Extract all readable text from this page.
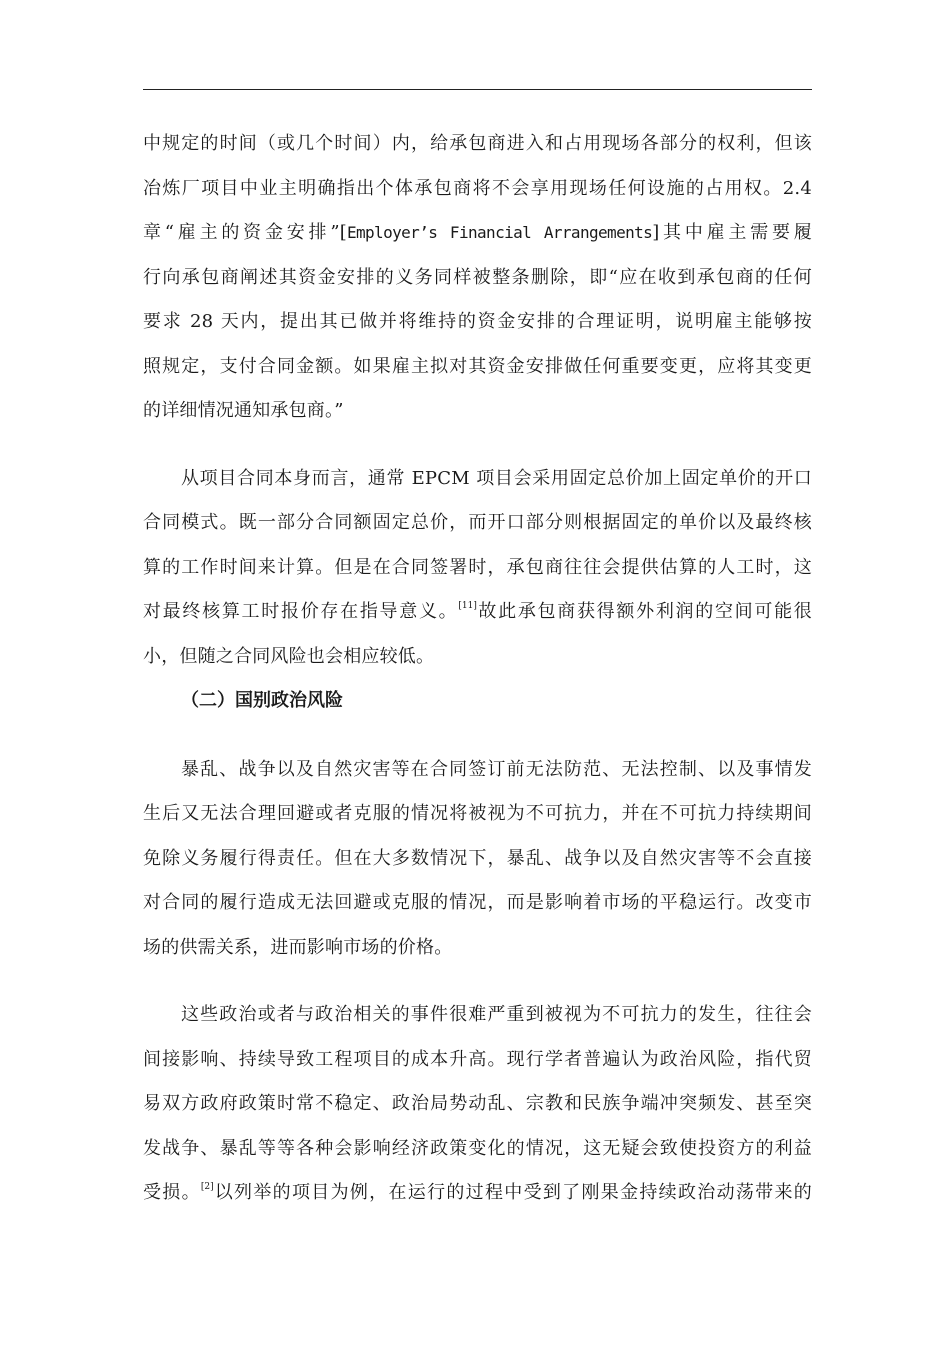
中规定的时间（或几个时间）内，给承包商进入和占用现场各部分的权利，但该
冶炼厂项目中业主明确指出个体承包商将不会享用现场任何设施的占用权。2.4
章“雇主的资金安排”[Employer’s Financial Arrangements]其中雇主需要履
行向承包商阐述其资金安排的义务同样被整条删除，即“应在收到承包商的任何
要求 28 天内，提出其已做并将维持的资金安排的合理证明，说明雇主能够按
照规定，支付合同金额。如果雇主拟对其资金安排做任何重要变更，应将其变更
的详细情况通知承包商。”

从项目合同本身而言，通常 EPCM 项目会采用固定总价加上固定单价的开口
合同模式。既一部分合同额固定总价，而开口部分则根据固定的单价以及最终核
算的工作时间来计算。但是在合同签署时，承包商往往会提供估算的人工时，这
对最终核算工时报价存在指导意义。[11]故此承包商获得额外利润的空间可能很
小，但随之合同风险也会相应较低。

（二）国别政治风险

暴乱、战争以及自然灾害等在合同签订前无法防范、无法控制、以及事情发
生后又无法合理回避或者克服的情况将被视为不可抗力，并在不可抗力持续期间
免除义务履行得责任。但在大多数情况下，暴乱、战争以及自然灾害等不会直接
对合同的履行造成无法回避或克服的情况，而是影响着市场的平稳运行。改变市
场的供需关系，进而影响市场的价格。

这些政治或者与政治相关的事件很难严重到被视为不可抗力的发生，往往会
间接影响、持续导致工程项目的成本升高。现行学者普遍认为政治风险，指代贸
易双方政府政策时常不稳定、政治局势动乱、宗教和民族争端冲突频发、甚至突
发战争、暴乱等等各种会影响经济政策变化的情况，这无疑会致使投资方的利益
受损。[2]以列举的项目为例，在运行的过程中受到了刚果金持续政治动荡带来的
